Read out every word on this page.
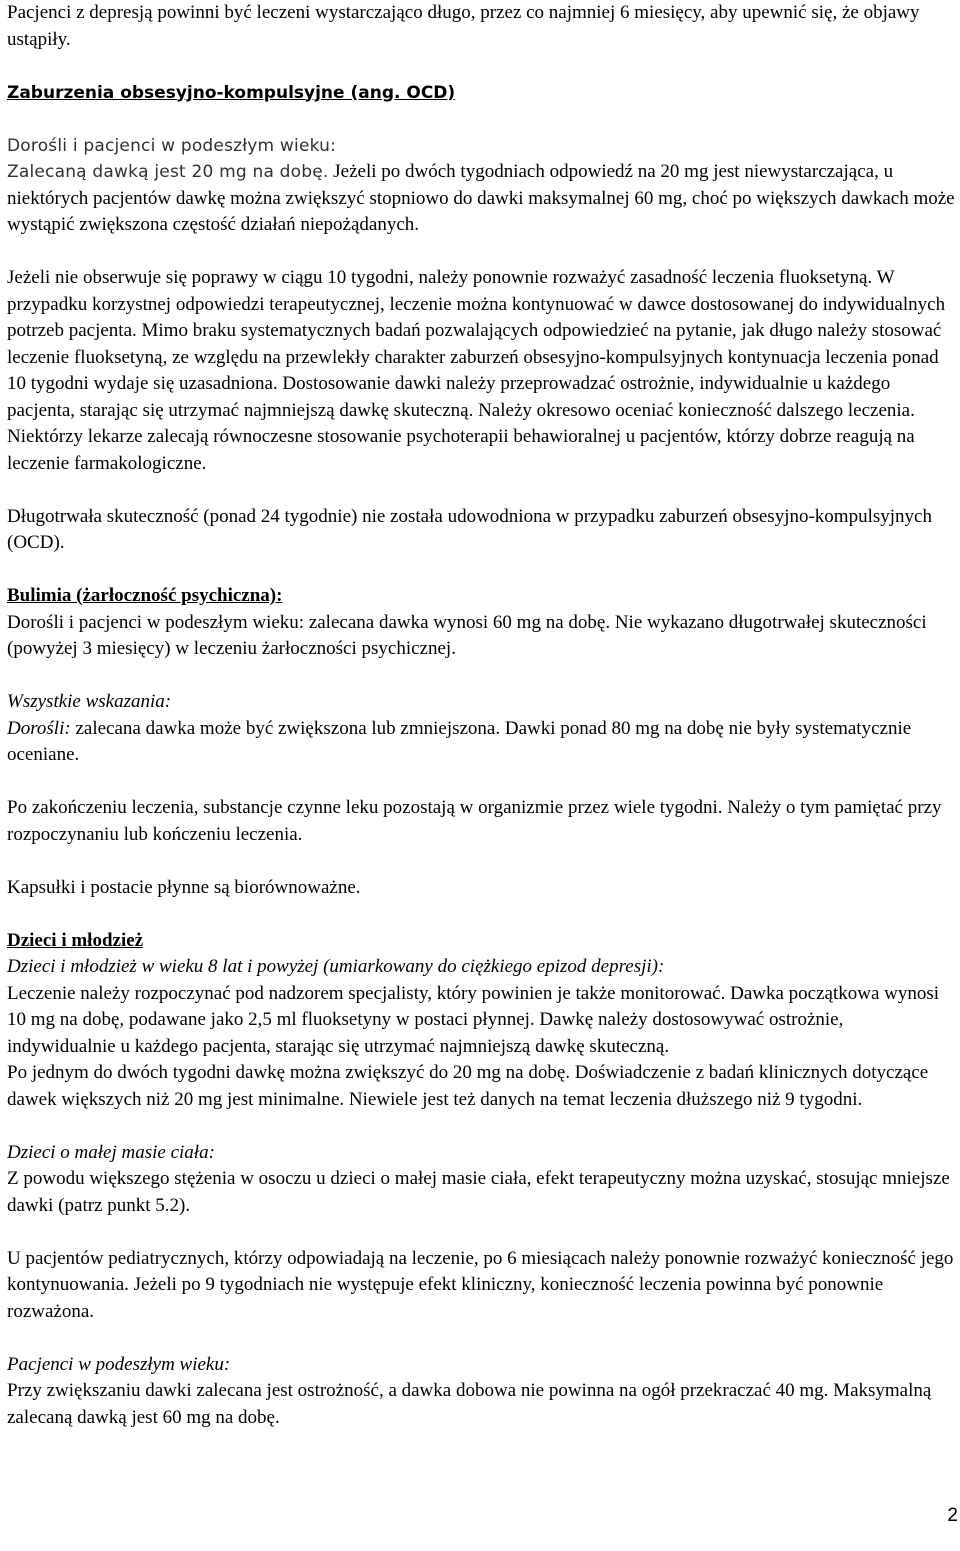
Pacjenci z depresją powinni być leczeni wystarczająco długo, przez co najmniej 6 miesięcy, aby upewnić się, że objawy ustąpiły.

Zaburzenia obsesyjno-kompulsyjne (ang. OCD)

Dorośli i pacjenci w podeszłym wieku:

Zalecaną dawką jest 20 mg na dobę. Jeżeli po dwóch tygodniach odpowiedź na 20 mg jest niewystarczająca, u niektórych pacjentów dawkę można zwiększyć stopniowo do dawki maksymalnej 60 mg, choć po większych dawkach może wystąpić zwiększona częstość działań niepożądanych.

Jeżeli nie obserwuje się poprawy w ciągu 10 tygodni, należy ponownie rozważyć zasadność leczenia fluoksetyną. W przypadku korzystnej odpowiedzi terapeutycznej, leczenie można kontynuować w dawce dostosowanej do indywidualnych potrzeb pacjenta. Mimo braku systematycznych badań pozwalających odpowiedzieć na pytanie, jak długo należy stosować leczenie fluoksetyną, ze względu na przewlekły charakter zaburzeń obsesyjno-kompulsyjnych kontynuacja leczenia ponad 10 tygodni wydaje się uzasadniona. Dostosowanie dawki należy przeprowadzać ostrożnie, indywidualnie u każdego pacjenta, starając się utrzymać najmniejszą dawkę skuteczną. Należy okresowo oceniać konieczność dalszego leczenia. Niektórzy lekarze zalecają równoczesne stosowanie psychoterapii behawioralnej u pacjentów, którzy dobrze reagują na leczenie farmakologiczne.

Długotrwała skuteczność (ponad 24 tygodnie) nie została udowodniona w przypadku zaburzeń obsesyjno-kompulsyjnych (OCD).

Bulimia (żarłoczność psychiczna):

Dorośli i pacjenci w podeszłym wieku: zalecana dawka wynosi 60 mg na dobę. Nie wykazano długotrwałej skuteczności (powyżej 3 miesięcy) w leczeniu żarłoczności psychicznej.

Wszystkie wskazania:

Dorośli: zalecana dawka może być zwiększona lub zmniejszona. Dawki ponad 80 mg na dobę nie były systematycznie oceniane.

Po zakończeniu leczenia, substancje czynne leku pozostają w organizmie przez wiele tygodni. Należy o tym pamiętać przy rozpoczynaniu lub kończeniu leczenia.

Kapsułki i postacie płynne są biorównoważne.

Dzieci i młodzież

Dzieci i młodzież w wieku 8 lat i powyżej (umiarkowany do ciężkiego epizod depresji):

Leczenie należy rozpoczynać pod nadzorem specjalisty, który powinien je także monitorować. Dawka początkowa wynosi 10 mg na dobę, podawane jako 2,5 ml fluoksetyny w postaci płynnej. Dawkę należy dostosowywać ostrożnie, indywidualnie u każdego pacjenta, starając się utrzymać najmniejszą dawkę skuteczną.

Po jednym do dwóch tygodni dawkę można zwiększyć do 20 mg na dobę. Doświadczenie z badań klinicznych dotyczące dawek większych niż 20 mg jest minimalne. Niewiele jest też danych na temat leczenia dłuższego niż 9 tygodni.

Dzieci o małej masie ciała:

Z powodu większego stężenia w osoczu u dzieci o małej masie ciała, efekt terapeutyczny można uzyskać, stosując mniejsze dawki (patrz punkt 5.2).

U pacjentów pediatrycznych, którzy odpowiadają na leczenie, po 6 miesiącach należy ponownie rozważyć konieczność jego kontynuowania. Jeżeli po 9 tygodniach nie występuje efekt kliniczny, konieczność leczenia powinna być ponownie rozważona.

Pacjenci w podeszłym wieku:

Przy zwiększaniu dawki zalecana jest ostrożność, a dawka dobowa nie powinna na ogół przekraczać 40 mg. Maksymalną zalecaną dawką jest 60 mg na dobę.

2
